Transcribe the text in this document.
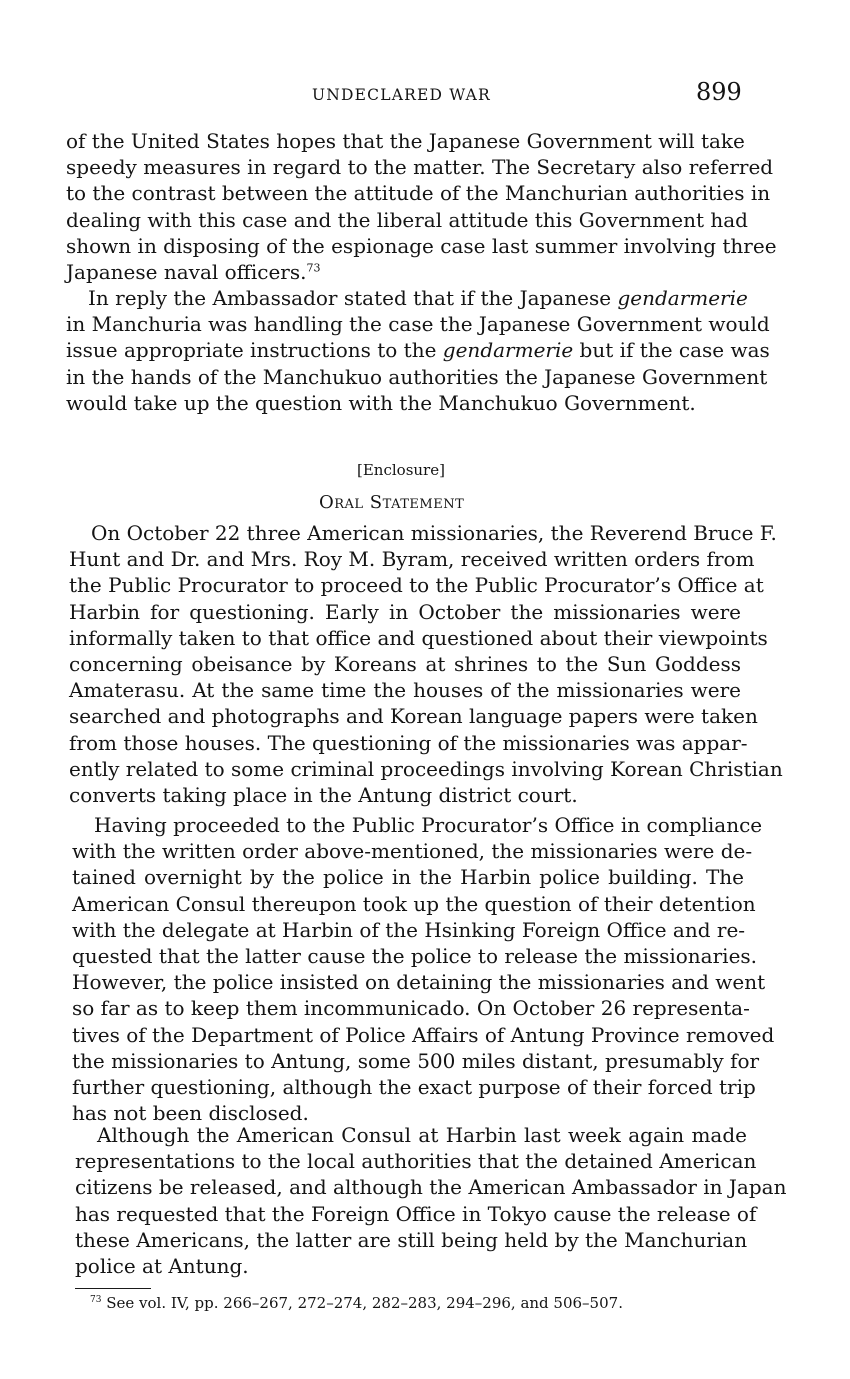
UNDECLARED WAR	899
of the United States hopes that the Japanese Government will take
speedy measures in regard to the matter. The Secretary also referred
to the contrast between the attitude of the Manchurian authorities in
dealing with this case and the liberal attitude this Government had
shown in disposing of the espionage case last summer involving three
Japanese naval officers.$^{73}$
In reply the Ambassador stated that if the Japanese gendarmerie
in Manchuria was handling the case the Japanese Government would
issue appropriate instructions to the gendarmerie but if the case was
in the hands of the Manchukuo authorities the Japanese Government
would take up the question with the Manchukuo Government.
[Enclosure]
Oral Statement
On October 22 three American missionaries, the Reverend Bruce F.
Hunt and Dr. and Mrs. Roy M. Byram, received written orders from
the Public Procurator to proceed to the Public Procurator’s Office at
Harbin for questioning. Early in October the missionaries were
informally taken to that office and questioned about their viewpoints
concerning obeisance by Koreans at shrines to the Sun Goddess
Amaterasu. At the same time the houses of the missionaries were
searched and photographs and Korean language papers were taken
from those houses. The questioning of the missionaries was appar-
ently related to some criminal proceedings involving Korean Christian
converts taking place in the Antung district court.
Having proceeded to the Public Procurator’s Office in compliance
with the written order above-mentioned, the missionaries were de-
tained overnight by the police in the Harbin police building. The
American Consul thereupon took up the question of their detention
with the delegate at Harbin of the Hsinking Foreign Office and re-
quested that the latter cause the police to release the missionaries.
However, the police insisted on detaining the missionaries and went
so far as to keep them incommunicado. On October 26 representa-
tives of the Department of Police Affairs of Antung Province removed
the missionaries to Antung, some 500 miles distant, presumably for
further questioning, although the exact purpose of their forced trip
has not been disclosed.
Although the American Consul at Harbin last week again made
representations to the local authorities that the detained American
citizens be released, and although the American Ambassador in Japan
has requested that the Foreign Office in Tokyo cause the release of
these Americans, the latter are still being held by the Manchurian
police at Antung.
$^{73}$ See vol. IV, pp. 266–267, 272–274, 282–283, 294–296, and 506–507.
